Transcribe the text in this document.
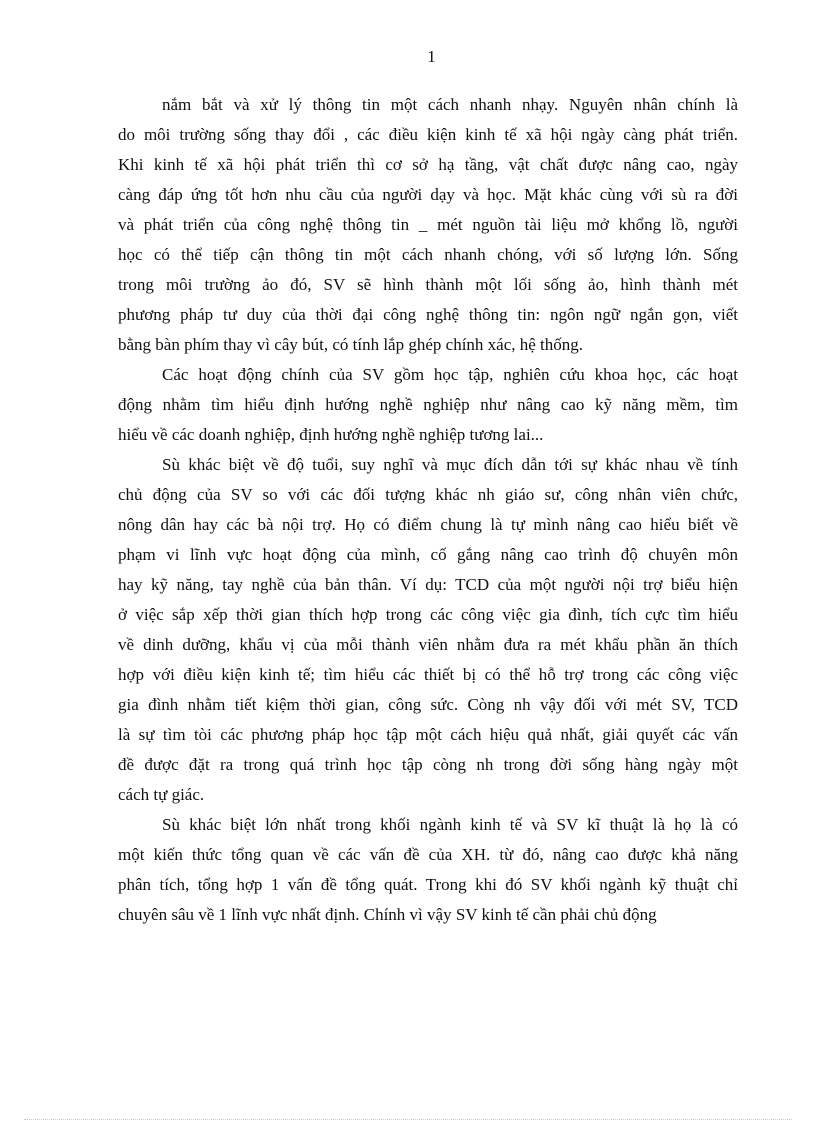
1
nắm bắt và xử lý thông tin một cách nhanh nhạy. Nguyên nhân chính là
do môi trường sống thay đổi , các điều kiện kinh tế xã hội ngày càng phát triển.
Khi kinh tế xã hội phát triển thì cơ sở hạ tầng, vật chất được nâng cao, ngày
càng đáp ứng tốt hơn nhu cầu của người dạy và học. Mặt khác cùng với sù ra đời
và phát triển của công nghệ thông tin _ mét nguồn tài liệu mở khổng lồ, người
học có thể tiếp cận thông tin một cách nhanh chóng, với số lượng lớn. Sống
trong môi trường ảo đó, SV sẽ hình thành một lối sống ảo, hình thành mét
phương pháp tư duy của thời đại công nghệ thông tin: ngôn ngữ ngắn gọn, viết
bằng bàn phím thay vì cây bút, có tính lắp ghép chính xác, hệ thống.
Các hoạt động chính của SV gồm học tập, nghiên cứu khoa học, các hoạt
động nhằm tìm hiểu định hướng nghề nghiệp như nâng cao kỹ năng mềm, tìm
hiểu về các doanh nghiệp, định hướng nghề nghiệp tương lai...
Sù khác biệt về độ tuổi, suy nghĩ và mục đích dẫn tới sự khác nhau về tính
chủ động của SV so với các đối tượng khác nh giáo sư, công nhân viên chức,
nông dân hay các bà nội trợ. Họ có điểm chung là tự mình nâng cao hiểu biết về
phạm vi lĩnh vực hoạt động của mình, cố gắng nâng cao trình độ chuyên môn
hay kỹ năng, tay nghề của bản thân. Ví dụ: TCD của một người nội trợ biểu hiện
ở việc sắp xếp thời gian thích hợp trong các công việc gia đình, tích cực tìm hiểu
về dinh dưỡng, khẩu vị của mỗi thành viên nhằm đưa ra mét khẩu phần ăn thích
hợp với điều kiện kinh tế; tìm hiểu các thiết bị có thể hỗ trợ trong các công việc
gia đình nhằm tiết kiệm thời gian, công sức. Còng nh vậy đối với mét SV, TCD
là sự tìm tòi các phương pháp học tập một cách hiệu quả nhất, giải quyết các vấn
đề được đặt ra trong quá trình học tập còng nh trong đời sống hàng ngày một
cách tự giác.
Sù khác biệt lớn nhất trong khối ngành kinh tế và SV kĩ thuật là họ là có
một kiến thức tổng quan về các vấn đề của XH. từ đó, nâng cao được khả năng
phân tích, tổng hợp 1 vấn đề tổng quát. Trong khi đó SV khối ngành kỹ thuật chỉ
chuyên sâu về 1 lĩnh vực nhất định. Chính vì vậy SV kinh tế cần phải chủ động
